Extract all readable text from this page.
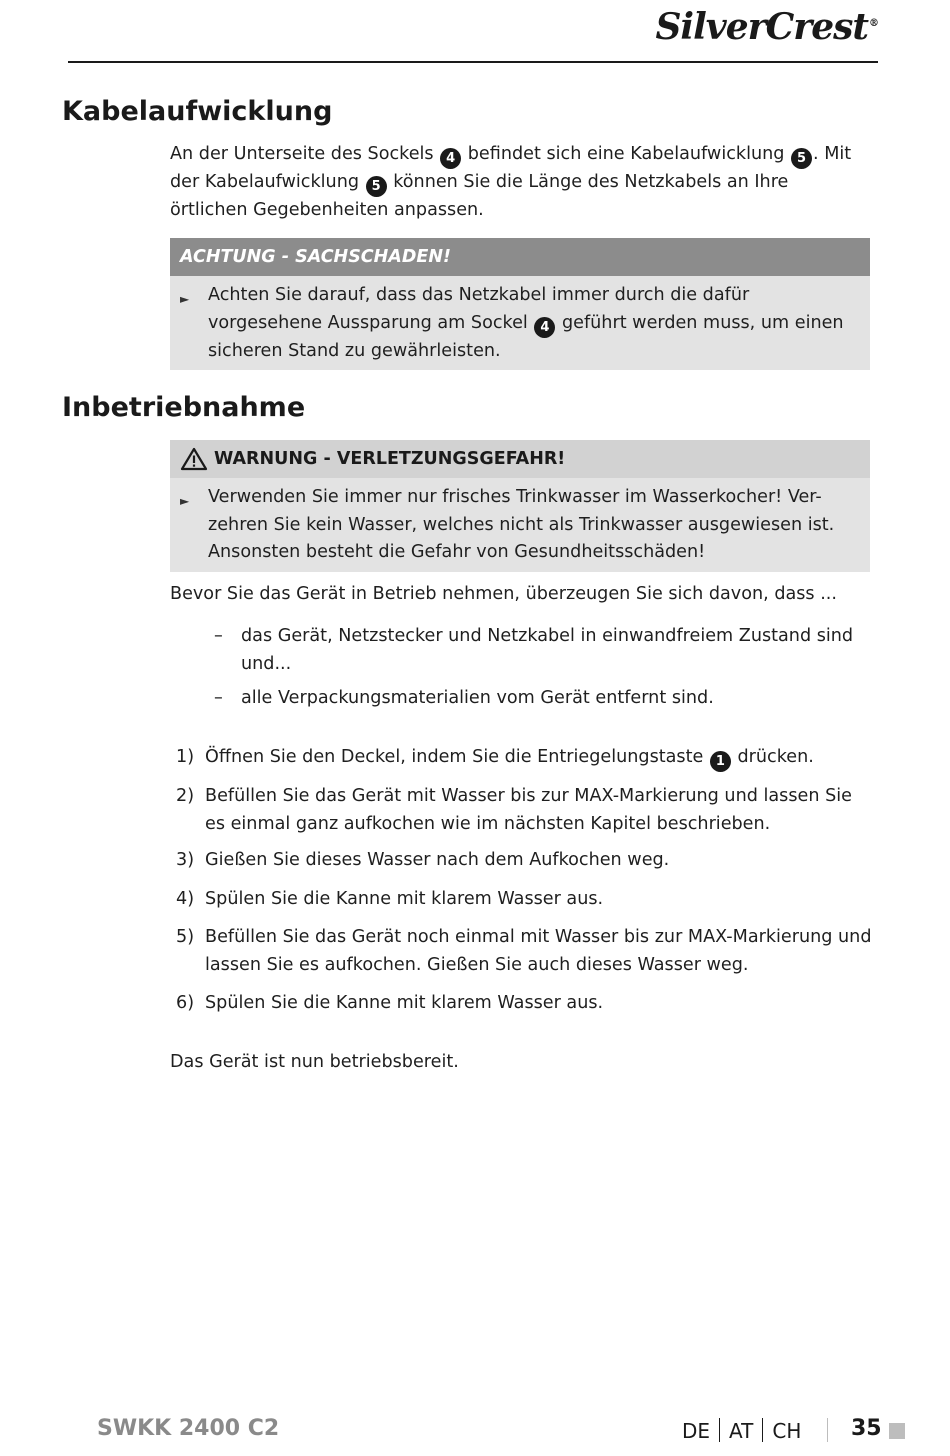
SilverCrest®
Kabelaufwicklung

An der Unterseite des Sockels 4 befindet sich eine Kabelaufwicklung 5 . Mit der Kabelaufwicklung 5 können Sie die Länge des Netzkabels an Ihre örtlichen Gegebenheiten anpassen.

ACHTUNG - SACHSCHADEN!
► Achten Sie darauf, dass das Netzkabel immer durch die dafür vorgesehene Aussparung am Sockel 4 geführt werden muss, um einen sicheren Stand zu gewährleisten.
Inbetriebnahme
WARNUNG - VERLETZUNGSGEFAHR!
► Verwenden Sie immer nur frisches Trinkwasser im Wasserkocher! Ver-zehren Sie kein Wasser, welches nicht als Trinkwasser ausgewiesen ist. Ansonsten besteht die Gefahr von Gesundheitsschäden!

Bevor Sie das Gerät in Betrieb nehmen, überzeugen Sie sich davon, dass ...

–	das Gerät, Netzstecker und Netzkabel in einwandfreiem Zustand sind und...
–	alle Verpackungsmaterialien vom Gerät entfernt sind.
1) Öffnen Sie den Deckel, indem Sie die Entriegelungstaste 1 drücken.
2) Befüllen Sie das Gerät mit Wasser bis zur MAX-Markierung und lassen Sie es einmal ganz aufkochen wie im nächsten Kapitel beschrieben.
3) Gießen Sie dieses Wasser nach dem Aufkochen weg.
4) Spülen Sie die Kanne mit klarem Wasser aus.
5) Befüllen Sie das Gerät noch einmal mit Wasser bis zur MAX-Markierung und lassen Sie es aufkochen. Gießen Sie auch dieses Wasser weg.
6) Spülen Sie die Kanne mit klarem Wasser aus.

Das Gerät ist nun betriebsbereit.

SWKK 2400 C2	DE AT CH 35
